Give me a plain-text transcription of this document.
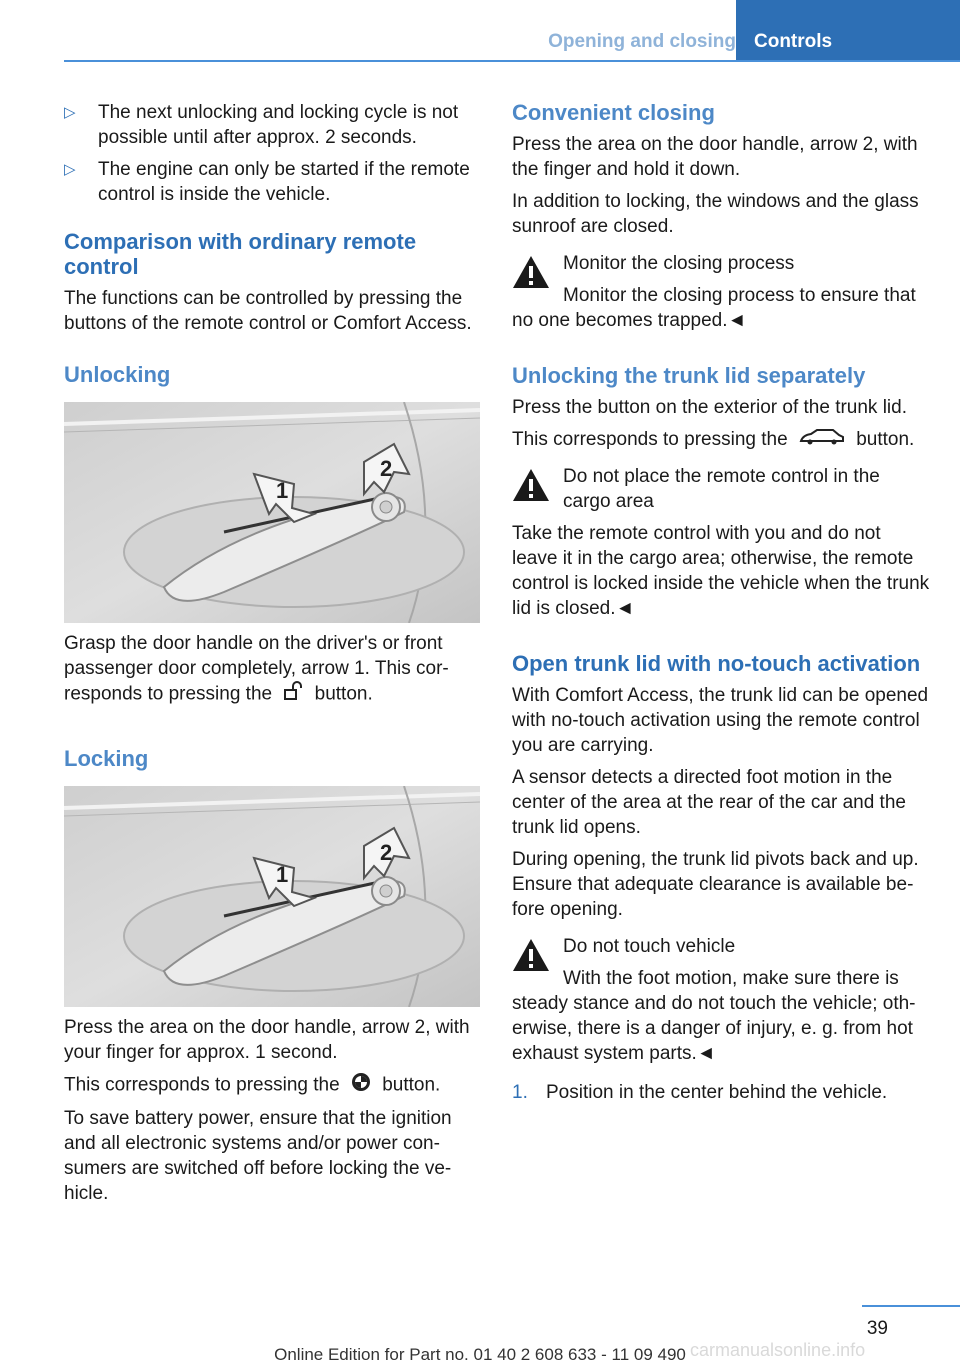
Opening and closing Controls
▷ The next unlocking and locking cycle is not possible until after approx. 2 seconds.
▷ The engine can only be started if the remote control is inside the vehicle.
Comparison with ordinary remote control

The functions can be controlled by pressing the buttons of the remote control or Comfort Access.

Unlocking
1
2

Grasp the door handle on the driver's or front passenger door completely, arrow 1. This corresponds to pressing the button.

Locking
1
2

Press the area on the door handle, arrow 2, with your finger for approx. 1 second.

This corresponds to pressing the button.

To save battery power, ensure that the ignition and all electronic systems and/or power consumers are switched off before locking the vehicle.

Convenient closing

Press the area on the door handle, arrow 2, with the finger and hold it down.

In addition to locking, the windows and the glass sunroof are closed.

Monitor the closing process
Monitor the closing process to ensure that no one becomes trapped.◄
Unlocking the trunk lid separately

Press the button on the exterior of the trunk lid.

This corresponds to pressing the	button.

Do not place the remote control in the cargo area
Take the remote control with you and do not leave it in the cargo area; otherwise, the remote control is locked inside the vehicle when the trunk lid is closed.◄
Open trunk lid with no-touch activation

With Comfort Access, the trunk lid can be opened with no-touch activation using the remote control you are carrying.

A sensor detects a directed foot motion in the center of the area at the rear of the car and the trunk lid opens.

During opening, the trunk lid pivots back and up. Ensure that adequate clearance is available before opening.

Do not touch vehicle
With the foot motion, make sure there is steady stance and do not touch the vehicle; otherwise, there is a danger of injury, e. g. from hot exhaust system parts.◄
1. Position in the center behind the vehicle.
39
carmanualsonline.info
Online Edition for Part no. 01 40 2 608 633 - 11 09 490
